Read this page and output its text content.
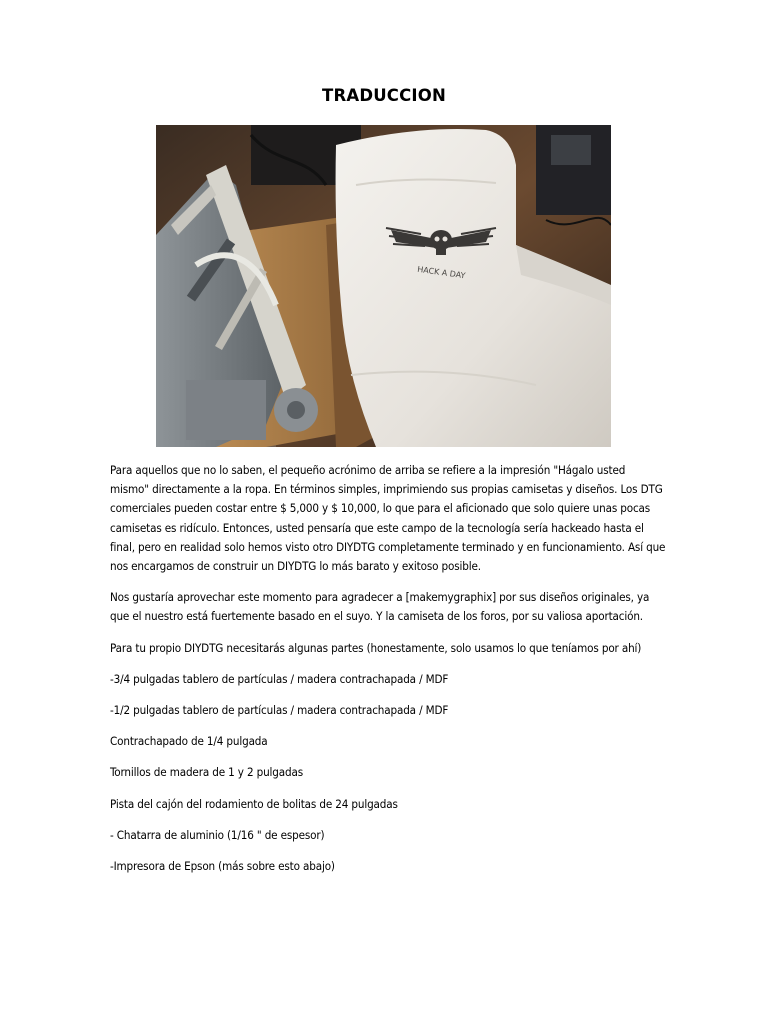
TRADUCCION
HACK A DAY

Para aquellos que no lo saben, el pequeño acrónimo de arriba se refiere a la impresión "Hágalo usted mismo" directamente a la ropa. En términos simples, imprimiendo sus propias camisetas y diseños. Los DTG comerciales pueden costar entre $ 5,000 y $ 10,000, lo que para el aficionado que solo quiere unas pocas camisetas es ridículo. Entonces, usted pensaría que este campo de la tecnología sería hackeado hasta el final, pero en realidad solo hemos visto otro DIYDTG completamente terminado y en funcionamiento. Así que nos encargamos de construir un DIYDTG lo más barato y exitoso posible.

Nos gustaría aprovechar este momento para agradecer a [makemygraphix] por sus diseños originales, ya que el nuestro está fuertemente basado en el suyo. Y la camiseta de los foros, por su valiosa aportación.

Para tu propio DIYDTG necesitarás algunas partes (honestamente, solo usamos lo que teníamos por ahí)

-3/4 pulgadas tablero de partículas / madera contrachapada / MDF

-1/2 pulgadas tablero de partículas / madera contrachapada / MDF

Contrachapado de 1/4 pulgada

Tornillos de madera de 1 y 2 pulgadas

Pista del cajón del rodamiento de bolitas de 24 pulgadas

- Chatarra de aluminio (1/16 " de espesor)

-Impresora de Epson (más sobre esto abajo)
